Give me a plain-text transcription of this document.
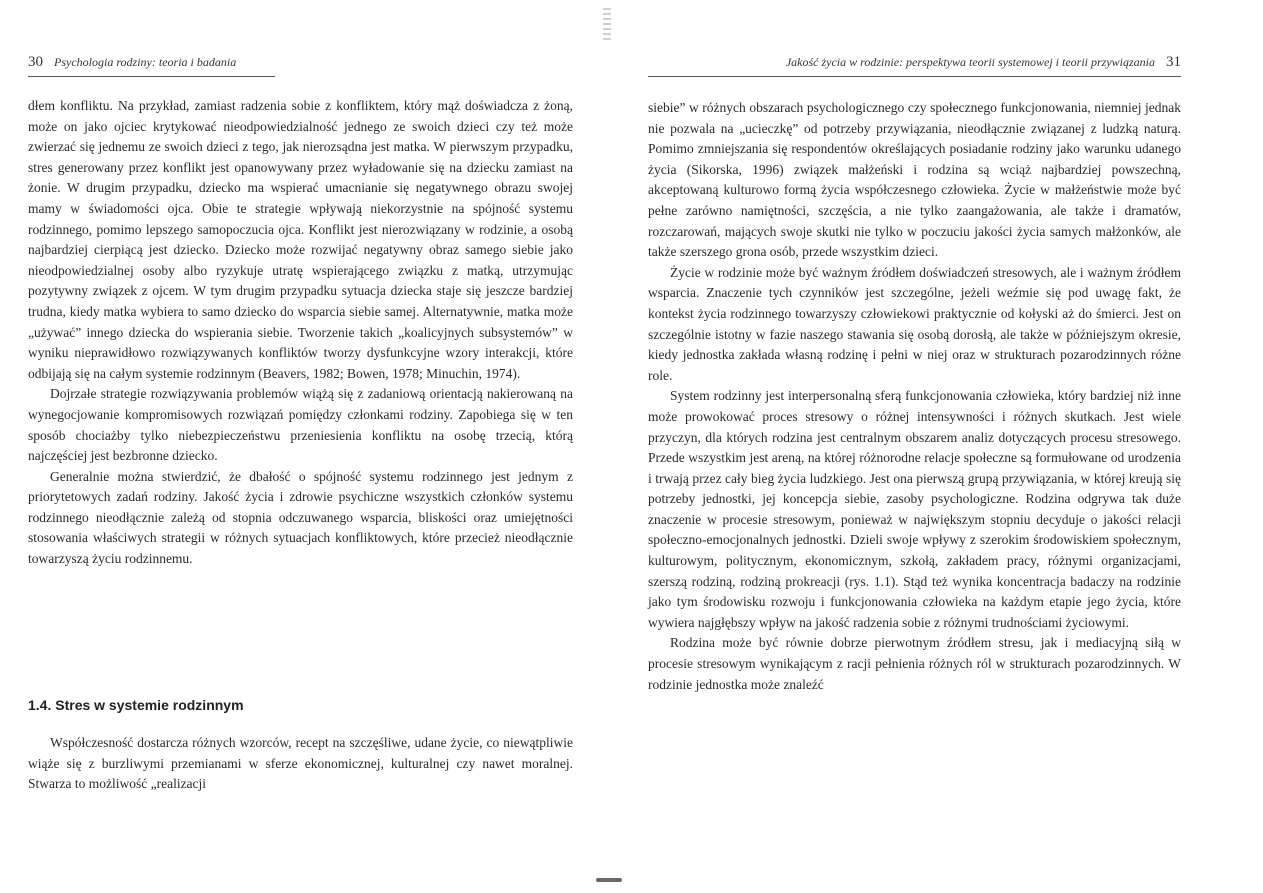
30 Psychologia rodziny: teoria i badania

dłem konfliktu. Na przykład, zamiast radzenia sobie z konfliktem, który mąż doświadcza z żoną, może on jako ojciec krytykować nieodpowiedzialność jednego ze swoich dzieci czy też może zwierzać się jednemu ze swoich dzieci z tego, jak nierozsądna jest matka. W pierwszym przypadku, stres generowany przez konflikt jest opanowywany przez wyładowanie się na dziecku zamiast na żonie. W drugim przypadku, dziecko ma wspierać umacnianie się negatywnego obrazu swojej mamy w świadomości ojca. Obie te strategie wpływają niekorzystnie na spójność systemu rodzinnego, pomimo lepszego samopoczucia ojca. Konflikt jest nierozwiązany w rodzinie, a osobą najbardziej cierpiącą jest dziecko. Dziecko może rozwijać negatywny obraz samego siebie jako nieodpowiedzialnej osoby albo ryzykuje utratę wspierającego związku z matką, utrzymując pozytywny związek z ojcem. W tym drugim przypadku sytuacja dziecka staje się jeszcze bardziej trudna, kiedy matka wybiera to samo dziecko do wsparcia siebie samej. Alternatywnie, matka może „używać” innego dziecka do wspierania siebie. Tworzenie takich „koalicyjnych subsystemów” w wyniku nieprawidłowo rozwiązywanych konfliktów tworzy dysfunkcyjne wzory interakcji, które odbijają się na całym systemie rodzinnym (Beavers, 1982; Bowen, 1978; Minuchin, 1974).

Dojrzałe strategie rozwiązywania problemów wiążą się z zadaniową orientacją nakierowaną na wynegocjowanie kompromisowych rozwiązań pomiędzy członkami rodziny. Zapobiega się w ten sposób chociażby tylko niebezpieczeństwu przeniesienia konfliktu na osobę trzecią, którą najczęściej jest bezbronne dziecko.

Generalnie można stwierdzić, że dbałość o spójność systemu rodzinnego jest jednym z priorytetowych zadań rodziny. Jakość życia i zdrowie psychiczne wszystkich członków systemu rodzinnego nieodłącznie zależą od stopnia odczuwanego wsparcia, bliskości oraz umiejętności stosowania właściwych strategii w różnych sytuacjach konfliktowych, które przecież nieodłącznie towarzyszą życiu rodzinnemu.

1.4. Stres w systemie rodzinnym

Współczesność dostarcza różnych wzorców, recept na szczęśliwe, udane życie, co niewątpliwie wiąże się z burzliwymi przemianami w sferze ekonomicznej, kulturalnej czy nawet moralnej. Stwarza to możliwość „realizacji

Jakość życia w rodzinie: perspektywa teorii systemowej i teorii przywiązania 31

siebie” w różnych obszarach psychologicznego czy społecznego funkcjonowania, niemniej jednak nie pozwala na „ucieczkę” od potrzeby przywiązania, nieodłącznie związanej z ludzką naturą. Pomimo zmniejszania się respondentów określających posiadanie rodziny jako warunku udanego życia (Sikorska, 1996) związek małżeński i rodzina są wciąż najbardziej powszechną, akceptowaną kulturowo formą życia współczesnego człowieka. Życie w małżeństwie może być pełne zarówno namiętności, szczęścia, a nie tylko zaangażowania, ale także i dramatów, rozczarowań, mających swoje skutki nie tylko w poczuciu jakości życia samych małżonków, ale także szerszego grona osób, przede wszystkim dzieci.

Życie w rodzinie może być ważnym źródłem doświadczeń stresowych, ale i ważnym źródłem wsparcia. Znaczenie tych czynników jest szczególne, jeżeli weźmie się pod uwagę fakt, że kontekst życia rodzinnego towarzyszy człowiekowi praktycznie od kołyski aż do śmierci. Jest on szczególnie istotny w fazie naszego stawania się osobą dorosłą, ale także w późniejszym okresie, kiedy jednostka zakłada własną rodzinę i pełni w niej oraz w strukturach pozarodzinnych różne role.

System rodzinny jest interpersonalną sferą funkcjonowania człowieka, który bardziej niż inne może prowokować proces stresowy o różnej intensywności i różnych skutkach. Jest wiele przyczyn, dla których rodzina jest centralnym obszarem analiz dotyczących procesu stresowego. Przede wszystkim jest areną, na której różnorodne relacje społeczne są formułowane od urodzenia i trwają przez cały bieg życia ludzkiego. Jest ona pierwszą grupą przywiązania, w której kreują się potrzeby jednostki, jej koncepcja siebie, zasoby psychologiczne. Rodzina odgrywa tak duże znaczenie w procesie stresowym, ponieważ w największym stopniu decyduje o jakości relacji społeczno-emocjonalnych jednostki. Dzieli swoje wpływy z szerokim środowiskiem społecznym, kulturowym, politycznym, ekonomicznym, szkołą, zakładem pracy, różnymi organizacjami, szerszą rodziną, rodziną prokreacji (rys. 1.1). Stąd też wynika koncentracja badaczy na rodzinie jako tym środowisku rozwoju i funkcjonowania człowieka na każdym etapie jego życia, które wywiera najgłębszy wpływ na jakość radzenia sobie z różnymi trudnościami życiowymi.

Rodzina może być równie dobrze pierwotnym źródłem stresu, jak i mediacyjną siłą w procesie stresowym wynikającym z racji pełnienia różnych ról w strukturach pozarodzinnych. W rodzinie jednostka może znaleźć
